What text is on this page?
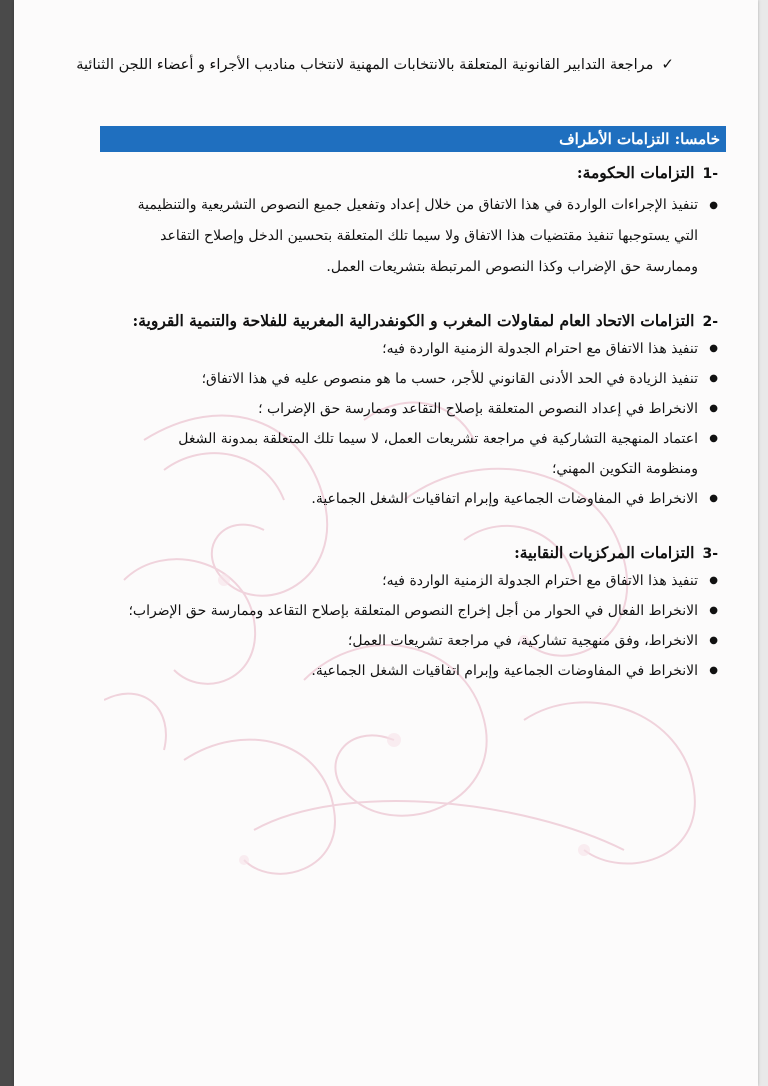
✓مراجعة التدابير القانونية المتعلقة بالانتخابات المهنية لانتخاب مناديب الأجراء و أعضاء اللجن الثنائية
خامسا: التزامات الأطراف
-1التزامات الحكومة:
●
تنفيذ الإجراءات الواردة في هذا الاتفاق من خلال إعداد وتفعيل جميع النصوص التشريعية والتنظيمية التي يستوجبها تنفيذ مقتضيات هذا الاتفاق ولا سيما تلك المتعلقة بتحسين الدخل وإصلاح التقاعد وممارسة حق الإضراب وكذا النصوص المرتبطة بتشريعات العمل.
-2التزامات الاتحاد العام لمقاولات المغرب و الكونفدرالية المغربية للفلاحة والتنمية القروية:
●
تنفيذ هذا الاتفاق مع احترام الجدولة الزمنية الواردة فيه؛
●
تنفيذ الزيادة في الحد الأدنى القانوني للأجر، حسب ما هو منصوص عليه في هذا الاتفاق؛
●
الانخراط في إعداد النصوص المتعلقة بإصلاح التقاعد وممارسة حق الإضراب ؛
●
اعتماد المنهجية التشاركية في مراجعة تشريعات العمل، لا سيما تلك المتعلقة بمدونة الشغل ومنظومة التكوين المهني؛
●
الانخراط في المفاوضات الجماعية وإبرام اتفاقيات الشغل الجماعية.
-3التزامات المركزيات النقابية:
●
تنفيذ هذا الاتفاق مع احترام الجدولة الزمنية الواردة فيه؛
●
الانخراط الفعال في الحوار من أجل إخراج النصوص المتعلقة بإصلاح التقاعد وممارسة حق الإضراب؛
●
الانخراط، وفق منهجية تشاركية، في مراجعة تشريعات العمل؛
●
الانخراط في المفاوضات الجماعية وإبرام اتفاقيات الشغل الجماعية.
